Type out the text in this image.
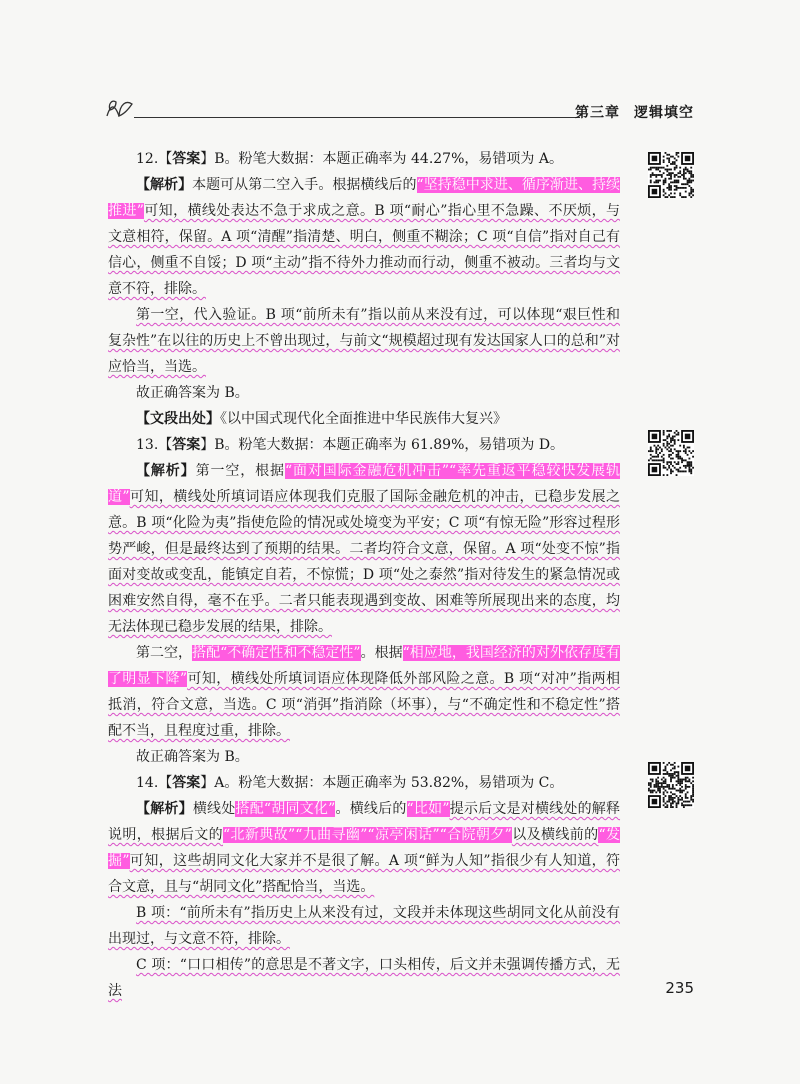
第三章 逻辑填空

12.【答案】B。粉笔大数据：本题正确率为 44.27%，易错项为 A。

【解析】本题可从第二空入手。根据横线后的“坚持稳中求进、循序渐进、持续推进”可知，横线处表达不急于求成之意。B 项“耐心”指心里不急躁、不厌烦，与文意相符，保留。A 项“清醒”指清楚、明白，侧重不糊涂；C 项“自信”指对自己有信心，侧重不自馁；D 项“主动”指不待外力推动而行动，侧重不被动。三者均与文意不符，排除。

第一空，代入验证。B 项“前所未有”指以前从来没有过，可以体现“艰巨性和复杂性”在以往的历史上不曾出现过，与前文“规模超过现有发达国家人口的总和”对应恰当，当选。

故正确答案为 B。

【文段出处】《以中国式现代化全面推进中华民族伟大复兴》

13.【答案】B。粉笔大数据：本题正确率为 61.89%，易错项为 D。

【解析】第一空，根据“面对国际金融危机冲击”“率先重返平稳较快发展轨道”可知，横线处所填词语应体现我们克服了国际金融危机的冲击，已稳步发展之意。B 项“化险为夷”指使危险的情况或处境变为平安；C 项“有惊无险”形容过程形势严峻，但是最终达到了预期的结果。二者均符合文意，保留。A 项“处变不惊”指面对变故或变乱，能镇定自若，不惊慌；D 项“处之泰然”指对待发生的紧急情况或困难安然自得，毫不在乎。二者只能表现遇到变故、困难等所展现出来的态度，均无法体现已稳步发展的结果，排除。

第二空，搭配“不确定性和不稳定性”。根据“相应地，我国经济的对外依存度有了明显下降”可知，横线处所填词语应体现降低外部风险之意。B 项“对冲”指两相抵消，符合文意，当选。C 项“消弭”指消除（坏事），与“不确定性和不稳定性”搭配不当，且程度过重，排除。

故正确答案为 B。

14.【答案】A。粉笔大数据：本题正确率为 53.82%，易错项为 C。

【解析】横线处搭配“胡同文化”。横线后的“比如”提示后文是对横线处的解释说明，根据后文的“北新典故”“九曲寻幽”“凉亭闲话”“合院朝夕”以及横线前的“发掘”可知，这些胡同文化大家并不是很了解。A 项“鲜为人知”指很少有人知道，符合文意，且与“胡同文化”搭配恰当，当选。

B 项：“前所未有”指历史上从来没有过，文段并未体现这些胡同文化从前没有出现过，与文意不符，排除。

C 项：“口口相传”的意思是不著文字，口头相传，后文并未强调传播方式，无法	235
